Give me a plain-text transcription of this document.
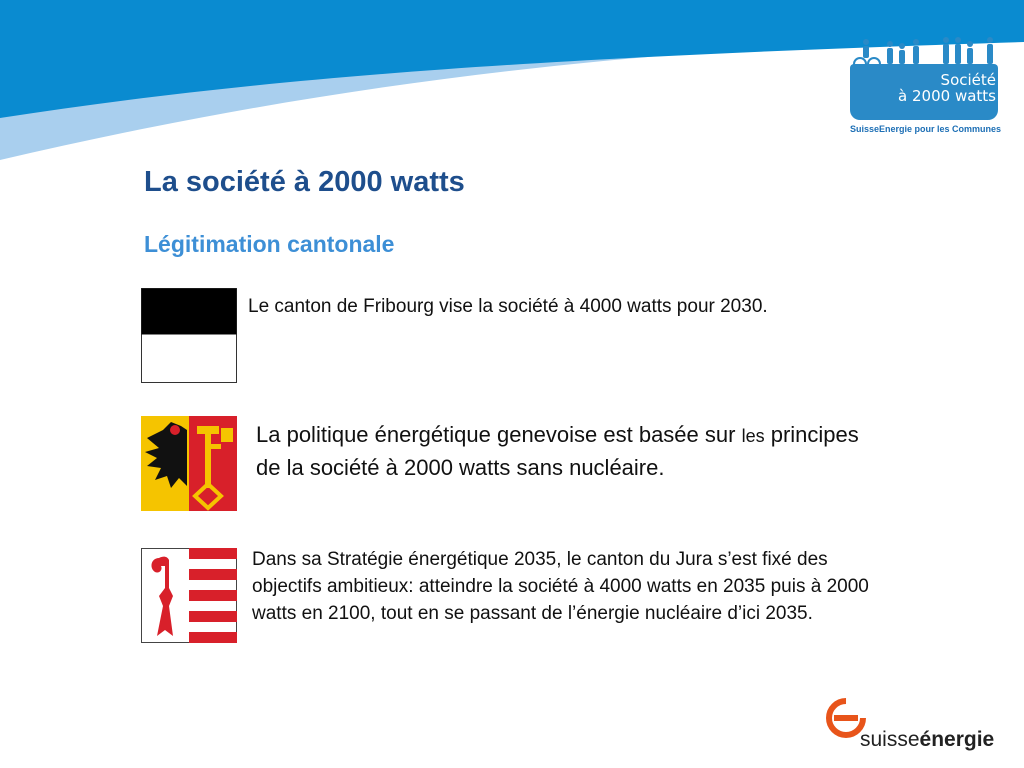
Société
à 2000 watts
SuisseEnergie pour les Communes
La société à 2000 watts
Légitimation cantonale
Le canton de Fribourg vise la société à 4000 watts pour 2030.
La politique énergétique genevoise est basée sur les principes de la société à 2000 watts sans nucléaire.
Dans sa Stratégie énergétique 2035, le canton du Jura s’est fixé des objectifs ambitieux: atteindre la société à 4000 watts en 2035 puis à 2000 watts en 2100, tout en se passant de l’énergie nucléaire d’ici 2035.
suisseénergie
